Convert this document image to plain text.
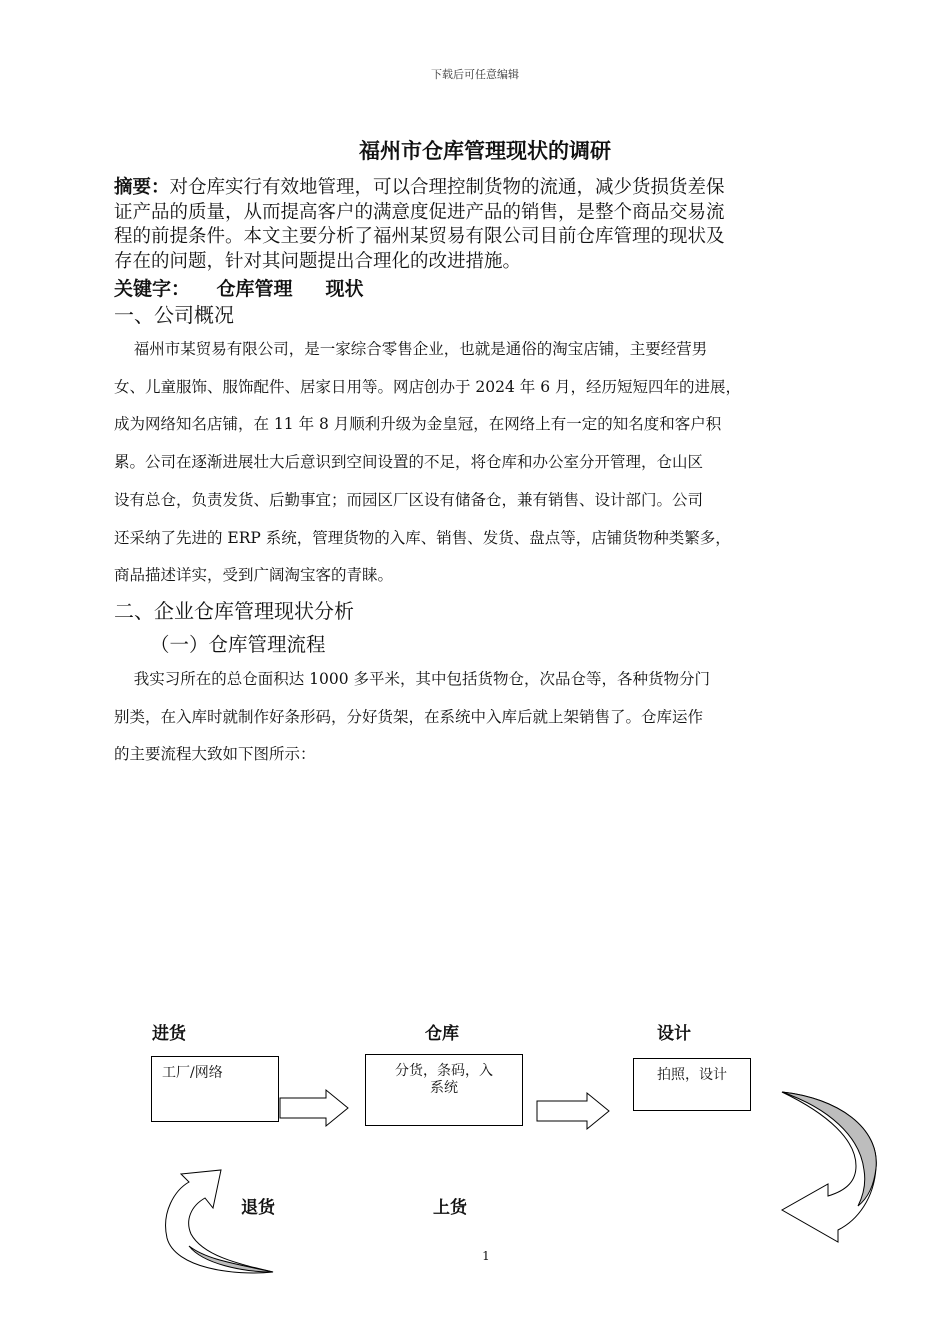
下载后可任意编辑
福州市仓库管理现状的调研
摘要：对仓库实行有效地管理，可以合理控制货物的流通，减少货损货差保
证产品的质量，从而提高客户的满意度促进产品的销售，是整个商品交易流
程的前提条件。本文主要分析了福州某贸易有限公司目前仓库管理的现状及
存在的问题，针对其问题提出合理化的改进措施。
关键字：    仓库管理     现状
一、公司概况
福州市某贸易有限公司，是一家综合零售企业，也就是通俗的淘宝店铺，主要经营男
女、儿童服饰、服饰配件、居家日用等。网店创办于 2024 年 6 月，经历短短四年的进展，
成为网络知名店铺，在 11 年 8 月顺利升级为金皇冠，在网络上有一定的知名度和客户积
累。公司在逐渐进展壮大后意识到空间设置的不足，将仓库和办公室分开管理，仓山区
设有总仓，负责发货、后勤事宜；而园区厂区设有储备仓，兼有销售、设计部门。公司
还采纳了先进的 ERP 系统，管理货物的入库、销售、发货、盘点等，店铺货物种类繁多，
商品描述详实，受到广阔淘宝客的青睐。
二、企业仓库管理现状分析
（一）仓库管理流程
我实习所在的总仓面积达 1000 多平米，其中包括货物仓，次品仓等，各种货物分门
别类，在入库时就制作好条形码，分好货架，在系统中入库后就上架销售了。仓库运作
的主要流程大致如下图所示：
进货	仓库	设计
工厂/网络	分货，条码，入系统
拍照，设计
退货	上货
1
